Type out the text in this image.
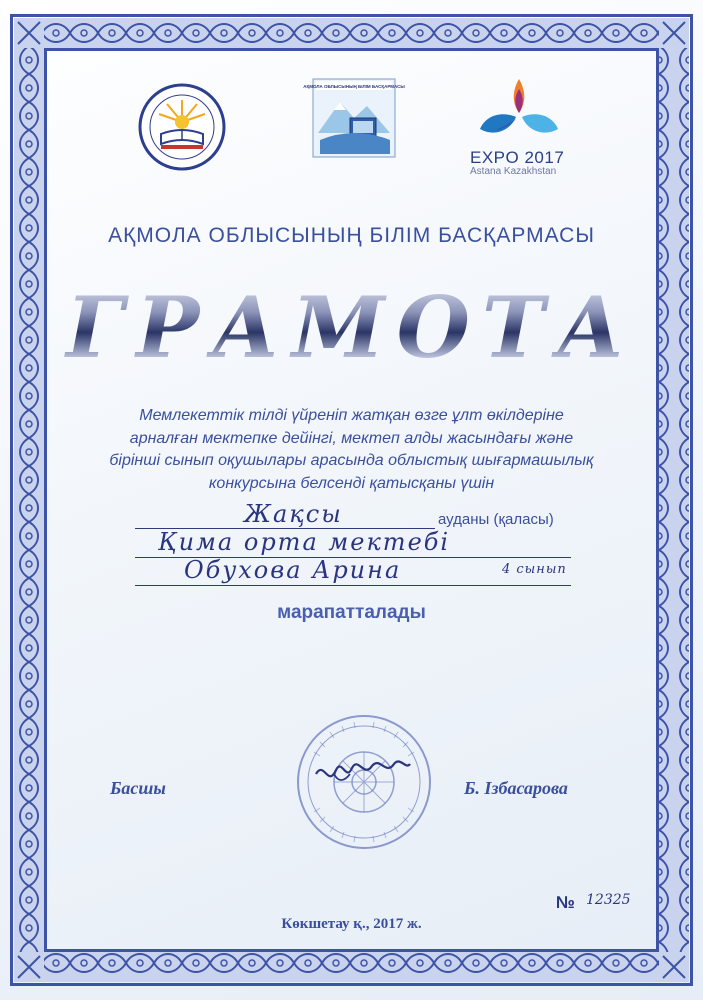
АҚМОЛА ОБЛЫСЫНЫҢ БІЛІМ БАСҚАРМАСЫ
EXPO 2017
Astana Kazakhstan
АҚМОЛА ОБЛЫСЫНЫҢ БІЛІМ БАСҚАРМАСЫ
ГРАМОТА
Мемлекеттік тілді үйреніп жатқан өзге ұлт өкілдеріне
арналған мектепке дейінгі, мектеп алды жасындағы және
бірінші сынып оқушылары арасында облыстық шығармашылық
конкурсына белсенді қатысқаны үшін
Жақсы	ауданы (қаласы)
Қима орта мектебі
Обухова Арина	4 сынып
марапатталады
Басшы	Б. Ізбасарова
№ 12325
Көкшетау қ., 2017 ж.
